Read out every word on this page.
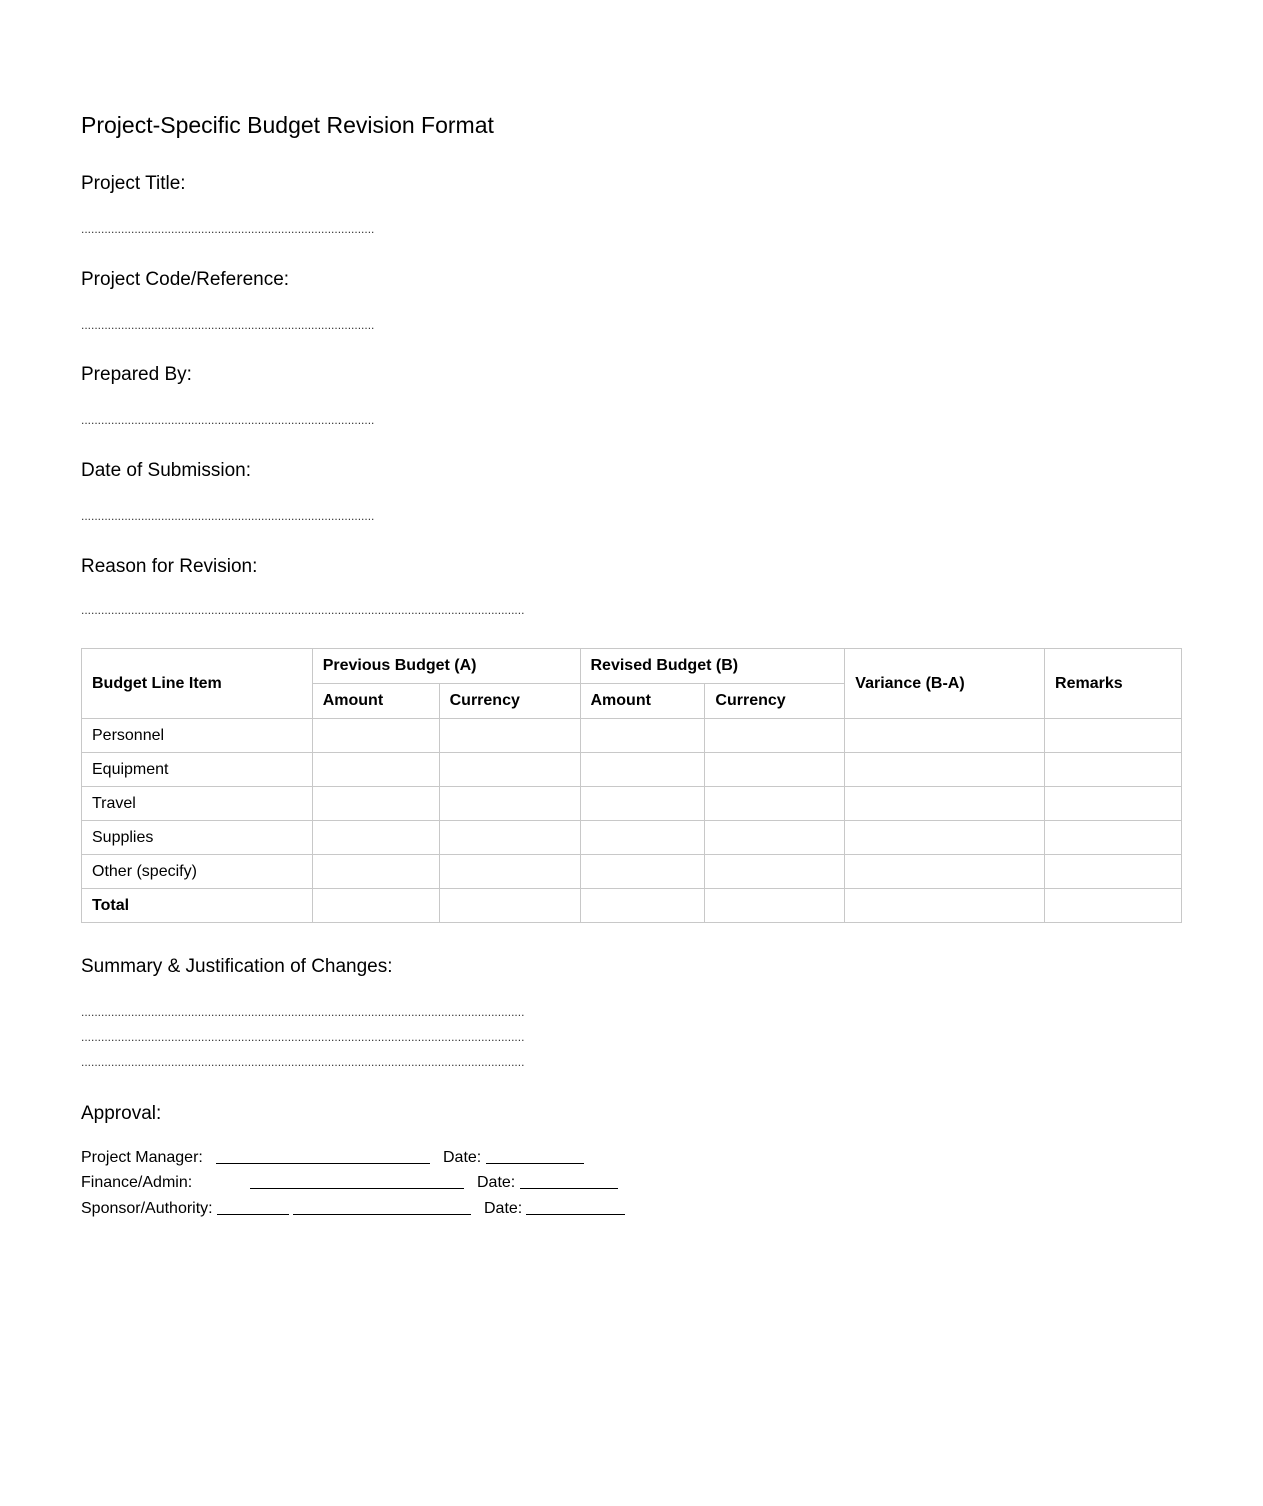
Project-Specific Budget Revision Format

Project Title:

........................................................................................

Project Code/Reference:

........................................................................................

Prepared By:

........................................................................................

Date of Submission:

........................................................................................

Reason for Revision:

.....................................................................................................................................
Budget Line Item	Previous Budget (A)		Revised Budget (B)		Variance (B-A)	Remarks
	Amount	Currency	Amount	Currency		
Personnel						
Equipment						
Travel						
Supplies						
Other (specify)						
Total						

Summary & Justification of Changes:

.....................................................................................................................................
.....................................................................................................................................
.....................................................................................................................................

Approval:

Project Manager:	Date:
Finance/Admin:	Date:
Sponsor/Authority:	Date:
